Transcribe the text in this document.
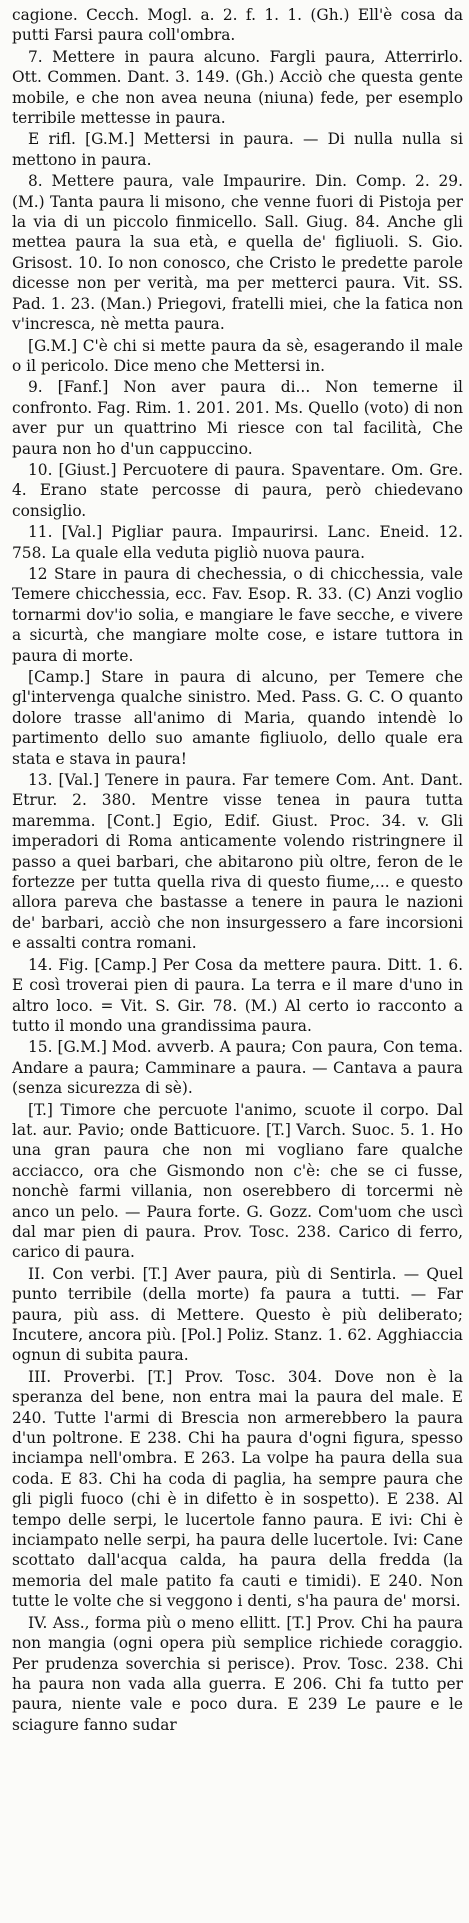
cagione. Cecch. Mogl. a. 2. f. 1. 1. (Gh.) Ell'è cosa da putti Farsi paura coll'ombra.

7. Mettere in paura alcuno. Fargli paura, Atterrirlo. Ott. Commen. Dant. 3. 149. (Gh.) Acciò che questa gente mobile, e che non avea neuna (niuna) fede, per esemplo terribile mettesse in paura.

E rifl. [G.M.] Mettersi in paura. — Di nulla nulla si mettono in paura.

8. Mettere paura, vale Impaurire. Din. Comp. 2. 29. (M.) Tanta paura li misono, che venne fuori di Pistoja per la via di un piccolo finmicello. Sall. Giug. 84. Anche gli mettea paura la sua età, e quella de' figliuoli. S. Gio. Grisost. 10. Io non conosco, che Cristo le predette parole dicesse non per verità, ma per metterci paura. Vit. SS. Pad. 1. 23. (Man.) Priegovi, fratelli miei, che la fatica non v'incresca, nè metta paura.

[G.M.] C'è chi si mette paura da sè, esagerando il male o il pericolo. Dice meno che Mettersi in.

9. [Fanf.] Non aver paura di... Non temerne il confronto. Fag. Rim. 1. 201. 201. Ms. Quello (voto) di non aver pur un quattrino Mi riesce con tal facilità, Che paura non ho d'un cappuccino.

10. [Giust.] Percuotere di paura. Spaventare. Om. Gre. 4. Erano state percosse di paura, però chiedevano consiglio.

11. [Val.] Pigliar paura. Impaurirsi. Lanc. Eneid. 12. 758. La quale ella veduta pigliò nuova paura.

12 Stare in paura di chechessia, o di chicchessia, vale Temere chicchessia, ecc. Fav. Esop. R. 33. (C) Anzi voglio tornarmi dov'io solia, e mangiare le fave secche, e vivere a sicurtà, che mangiare molte cose, e istare tuttora in paura di morte.

[Camp.] Stare in paura di alcuno, per Temere che gl'intervenga qualche sinistro. Med. Pass. G. C. O quanto dolore trasse all'animo di Maria, quando intendè lo partimento dello suo amante figliuolo, dello quale era stata e stava in paura!

13. [Val.] Tenere in paura. Far temere Com. Ant. Dant. Etrur. 2. 380. Mentre visse tenea in paura tutta maremma. [Cont.] Egio, Edif. Giust. Proc. 34. v. Gli imperadori di Roma anticamente volendo ristringnere il passo a quei barbari, che abitarono più oltre, feron de le fortezze per tutta quella riva di questo fiume,... e questo allora pareva che bastasse a tenere in paura le nazioni de' barbari, acciò che non insurgessero a fare incorsioni e assalti contra romani.

14. Fig. [Camp.] Per Cosa da mettere paura. Ditt. 1. 6. E così troverai pien di paura. La terra e il mare d'uno in altro loco. = Vit. S. Gir. 78. (M.) Al certo io racconto a tutto il mondo una grandissima paura.

15. [G.M.] Mod. avverb. A paura; Con paura, Con tema. Andare a paura; Camminare a paura. — Cantava a paura (senza sicurezza di sè).

[T.] Timore che percuote l'animo, scuote il corpo. Dal lat. aur. Pavio; onde Batticuore. [T.] Varch. Suoc. 5. 1. Ho una gran paura che non mi vogliano fare qualche acciacco, ora che Gismondo non c'è: che se ci fusse, nonchè farmi villania, non oserebbero di torcermi nè anco un pelo. — Paura forte. G. Gozz. Com'uom che uscì dal mar pien di paura. Prov. Tosc. 238. Carico di ferro, carico di paura.

II. Con verbi. [T.] Aver paura, più di Sentirla. — Quel punto terribile (della morte) fa paura a tutti. — Far paura, più ass. di Mettere. Questo è più deliberato; Incutere, ancora più. [Pol.] Poliz. Stanz. 1. 62. Agghiaccia ognun di subita paura.

III. Proverbi. [T.] Prov. Tosc. 304. Dove non è la speranza del bene, non entra mai la paura del male. E 240. Tutte l'armi di Brescia non armerebbero la paura d'un poltrone. E 238. Chi ha paura d'ogni figura, spesso inciampa nell'ombra. E 263. La volpe ha paura della sua coda. E 83. Chi ha coda di paglia, ha sempre paura che gli pigli fuoco (chi è in difetto è in sospetto). E 238. Al tempo delle serpi, le lucertole fanno paura. E ivi: Chi è inciampato nelle serpi, ha paura delle lucertole. Ivi: Cane scottato dall'acqua calda, ha paura della fredda (la memoria del male patito fa cauti e timidi). E 240. Non tutte le volte che si veggono i denti, s'ha paura de' morsi.

IV. Ass., forma più o meno ellitt. [T.] Prov. Chi ha paura non mangia (ogni opera più semplice richiede coraggio. Per prudenza soverchia si perisce). Prov. Tosc. 238. Chi ha paura non vada alla guerra. E 206. Chi fa tutto per paura, niente vale e poco dura. E 239 Le paure e le sciagure fanno sudar
